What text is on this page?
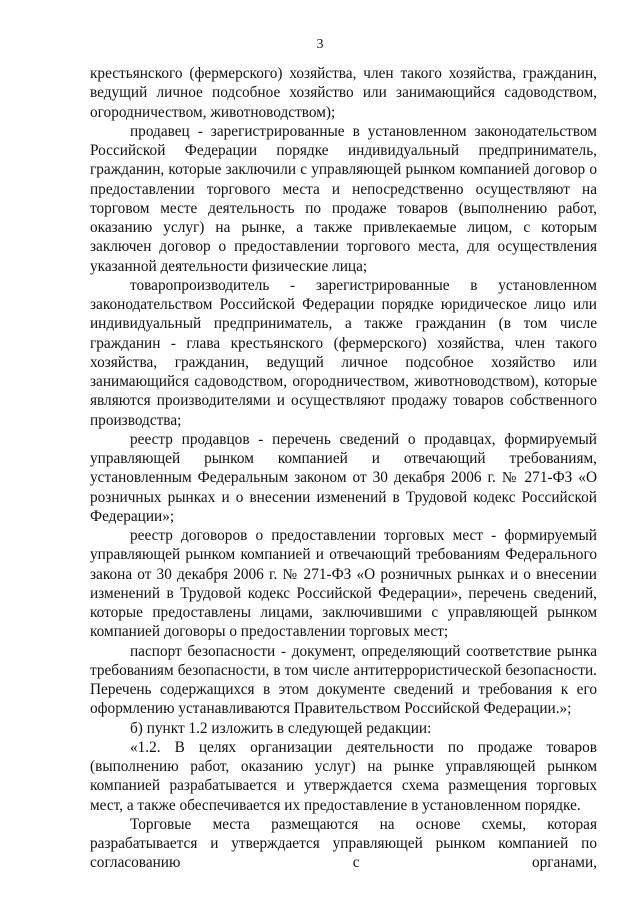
3

крестьянского (фермерского) хозяйства, член такого хозяйства, гражданин, ведущий личное подсобное хозяйство или занимающийся садоводством, огородничеством, животноводством);

продавец - зарегистрированные в установленном законодательством Российской Федерации порядке индивидуальный предприниматель, гражданин, которые заключили с управляющей рынком компанией договор о предоставлении торгового места и непосредственно осуществляют на торговом месте деятельность по продаже товаров (выполнению работ, оказанию услуг) на рынке, а также привлекаемые лицом, с которым заключен договор о предоставлении торгового места, для осуществления указанной деятельности физические лица;

товаропроизводитель - зарегистрированные в установленном законодательством Российской Федерации порядке юридическое лицо или индивидуальный предприниматель, а также гражданин (в том числе гражданин - глава крестьянского (фермерского) хозяйства, член такого хозяйства, гражданин, ведущий личное подсобное хозяйство или занимающийся садоводством, огородничеством, животноводством), которые являются производителями и осуществляют продажу товаров собственного производства;

реестр продавцов - перечень сведений о продавцах, формируемый управляющей рынком компанией и отвечающий требованиям, установленным Федеральным законом от 30 декабря 2006 г. № 271-ФЗ «О розничных рынках и о внесении изменений в Трудовой кодекс Российской Федерации»;

реестр договоров о предоставлении торговых мест - формируемый управляющей рынком компанией и отвечающий требованиям Федерального закона от 30 декабря 2006 г. № 271-ФЗ «О розничных рынках и о внесении изменений в Трудовой кодекс Российской Федерации», перечень сведений, которые предоставлены лицами, заключившими с управляющей рынком компанией договоры о предоставлении торговых мест;

паспорт безопасности - документ, определяющий соответствие рынка требованиям безопасности, в том числе антитеррористической безопасности. Перечень содержащихся в этом документе сведений и требования к его оформлению устанавливаются Правительством Российской Федерации.»;

б) пункт 1.2 изложить в следующей редакции:

«1.2. В целях организации деятельности по продаже товаров (выполнению работ, оказанию услуг) на рынке управляющей рынком компанией разрабатывается и утверждается схема размещения торговых мест, а также обеспечивается их предоставление в установленном порядке.

Торговые места размещаются на основе схемы, которая разрабатывается и утверждается управляющей рынком компанией по согласованию с органами,
